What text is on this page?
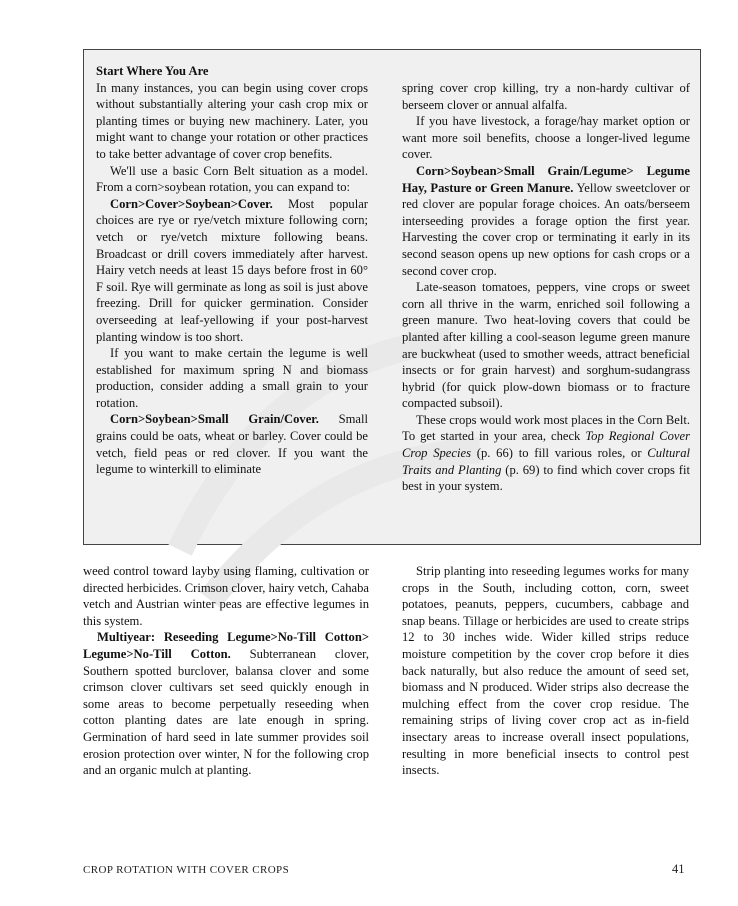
Start Where You Are

In many instances, you can begin using cover crops without substantially altering your cash crop mix or planting times or buying new machinery. Later, you might want to change your rotation or other practices to take better advantage of cover crop benefits.

We'll use a basic Corn Belt situation as a model. From a corn>soybean rotation, you can expand to:

Corn>Cover>Soybean>Cover. Most popular choices are rye or rye/vetch mixture following corn; vetch or rye/vetch mixture following beans. Broadcast or drill covers immediately after harvest. Hairy vetch needs at least 15 days before frost in 60° F soil. Rye will germinate as long as soil is just above freezing. Drill for quicker germination. Consider overseeding at leaf-yellowing if your post-harvest planting window is too short.

If you want to make certain the legume is well established for maximum spring N and biomass production, consider adding a small grain to your rotation.

Corn>Soybean>Small Grain/Cover. Small grains could be oats, wheat or barley. Cover could be vetch, field peas or red clover. If you want the legume to winterkill to eliminate

spring cover crop killing, try a non-hardy cultivar of berseem clover or annual alfalfa.

If you have livestock, a forage/hay market option or want more soil benefits, choose a longer-lived legume cover.

Corn>Soybean>Small Grain/Legume> Legume Hay, Pasture or Green Manure. Yellow sweetclover or red clover are popular forage choices. An oats/berseem interseeding provides a forage option the first year. Harvesting the cover crop or terminating it early in its second season opens up new options for cash crops or a second cover crop.

Late-season tomatoes, peppers, vine crops or sweet corn all thrive in the warm, enriched soil following a green manure. Two heat-loving covers that could be planted after killing a cool-season legume green manure are buckwheat (used to smother weeds, attract beneficial insects or for grain harvest) and sorghum-sudangrass hybrid (for quick plow-down biomass or to fracture compacted subsoil).

These crops would work most places in the Corn Belt. To get started in your area, check Top Regional Cover Crop Species (p. 66) to fill various roles, or Cultural Traits and Planting (p. 69) to find which cover crops fit best in your system.

weed control toward layby using flaming, cultivation or directed herbicides. Crimson clover, hairy vetch, Cahaba vetch and Austrian winter peas are effective legumes in this system.

Multiyear: Reseeding Legume>No-Till Cotton> Legume>No-Till Cotton. Subterranean clover, Southern spotted burclover, balansa clover and some crimson clover cultivars set seed quickly enough in some areas to become perpetually reseeding when cotton planting dates are late enough in spring. Germination of hard seed in late summer provides soil erosion protection over winter, N for the following crop and an organic mulch at planting.

Strip planting into reseeding legumes works for many crops in the South, including cotton, corn, sweet potatoes, peanuts, peppers, cucumbers, cabbage and snap beans. Tillage or herbicides are used to create strips 12 to 30 inches wide. Wider killed strips reduce moisture competition by the cover crop before it dies back naturally, but also reduce the amount of seed set, biomass and N produced. Wider strips also decrease the mulching effect from the cover crop residue. The remaining strips of living cover crop act as in-field insectary areas to increase overall insect populations, resulting in more beneficial insects to control pest insects.

CROP ROTATION WITH COVER CROPS	41
